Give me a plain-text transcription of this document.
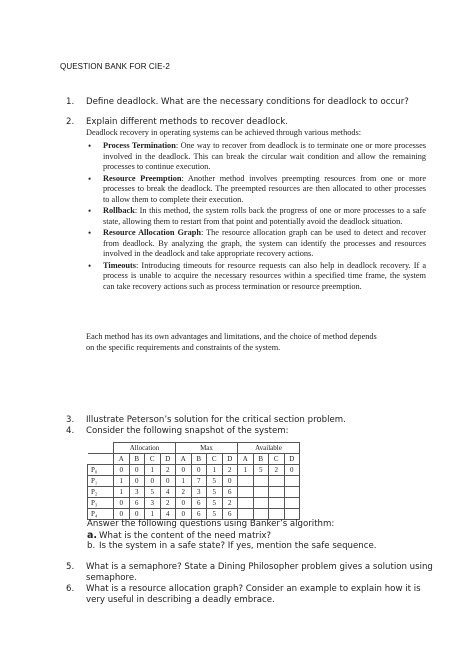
QUESTION BANK FOR CIE-2
1. Define deadlock. What are the necessary conditions for deadlock to occur?
2. Explain different methods to recover deadlock.
Deadlock recovery in operating systems can be achieved through various methods:
• Process Termination: One way to recover from deadlock is to terminate one or more processes involved in the deadlock. This can break the circular wait condition and allow the remaining processes to continue execution.
• Resource Preemption: Another method involves preempting resources from one or more processes to break the deadlock. The preempted resources are then allocated to other processes to allow them to complete their execution.
• Rollback: In this method, the system rolls back the progress of one or more processes to a safe state, allowing them to restart from that point and potentially avoid the deadlock situation.
• Resource Allocation Graph: The resource allocation graph can be used to detect and recover from deadlock. By analyzing the graph, the system can identify the processes and resources involved in the deadlock and take appropriate recovery actions.
• Timeouts: Introducing timeouts for resource requests can also help in deadlock recovery. If a process is unable to acquire the necessary resources within a specified time frame, the system can take recovery actions such as process termination or resource preemption.
Each method has its own advantages and limitations, and the choice of method depends on the specific requirements and constraints of the system.
3. Illustrate Peterson’s solution for the critical section problem.
4. Consider the following snapshot of the system:
	Allocation				Max				Available			
	A	B	C	D	A	B	C	D	A	B	C	D
P₀	0	0	1	2	0	0	1	2	1	5	2	0
P₁	1	0	0	0	1	7	5	0				
P₂	1	3	5	4	2	3	5	6				
P₃	0	6	3	2	0	6	5	2				
P₄	0	0	1	4	0	6	5	6				
Answer the following questions using Banker’s algorithm:
a. What is the content of the need matrix?
b. Is the system in a safe state? If yes, mention the safe sequence.
5. What is a semaphore? State a Dining Philosopher problem gives a solution using semaphore.
6. What is a resource allocation graph? Consider an example to explain how it is very useful in describing a deadly embrace.
